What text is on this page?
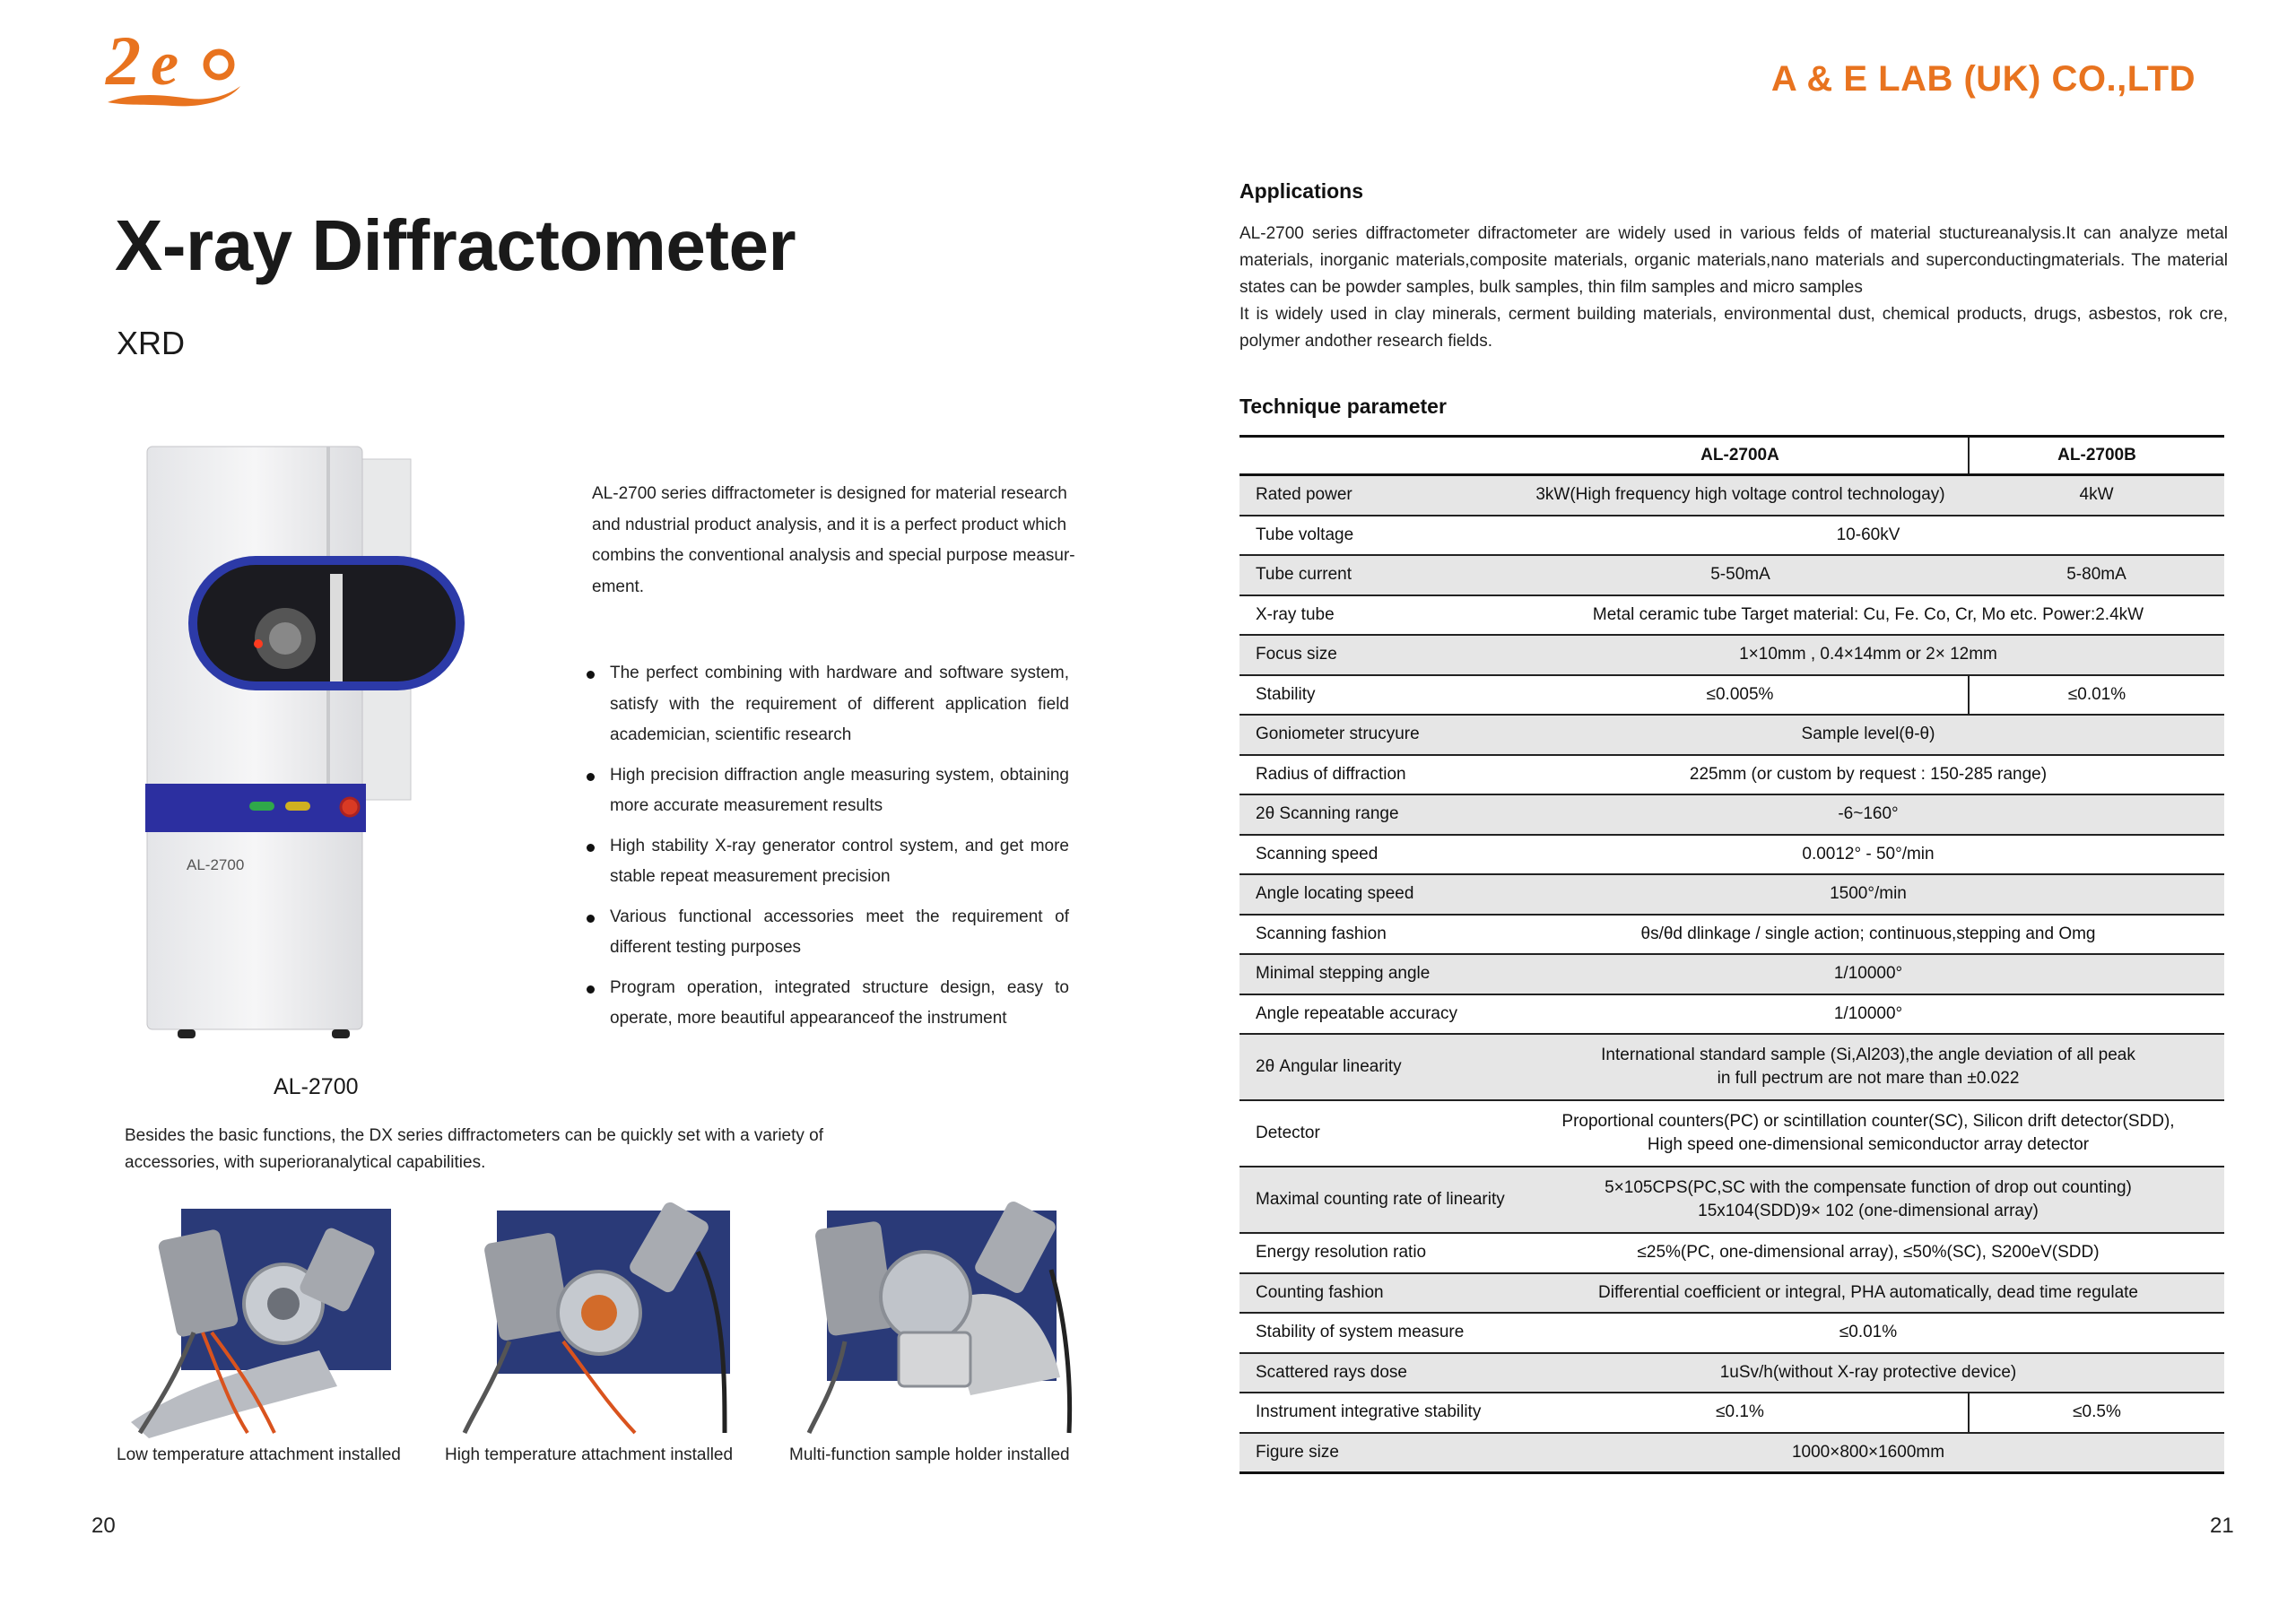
2 e	A & E LAB (UK) CO.,LTD
X-ray Diffractometer
XRD
AL-2700
AL-2700
AL-2700 series diffractometer is designed for material research and ndustrial product analysis, and it is a perfect product which combins the conventional analysis and special purpose measur-ement.
The perfect combining with hardware and software system, satisfy with the requirement of different application field academician, scientific research
High precision diffraction angle measuring system, obtaining more accurate measurement results
High stability X-ray generator control system, and get more stable repeat measurement precision
Various functional accessories meet the requirement of different testing purposes
Program operation, integrated structure design, easy to operate, more beautiful appearanceof the instrument
Besides the basic functions, the DX series diffractometers can be quickly set with a variety of accessories, with superioranalytical capabilities.
Low temperature attachment installed	High temperature attachment installed	Multi-function sample holder installed
20
Applications
AL-2700 series diffractometer difractometer are widely used in various felds of material stuctureanalysis.It can analyze metal materials, inorganic materials,composite materials, organic materials,nano materials and superconductingmaterials. The material states can be powder samples, bulk samples, thin film samples and micro samples
It is widely used in clay minerals, cerment building materials, environmental dust, chemical products, drugs, asbestos, rok cre, polymer andother research fields.
Technique parameter
	AL-2700A	AL-2700B
Rated power	3kW(High frequency high voltage control technologay)	4kW
Tube voltage	10-60kV	
Tube current	5-50mA	5-80mA
X-ray tube	Metal ceramic tube Target material: Cu, Fe. Co, Cr, Mo etc. Power:2.4kW	
Focus size	1×10mm , 0.4×14mm or 2× 12mm	
Stability	≤0.005%	≤0.01%
Goniometer strucyure	Sample level(θ-θ)	
Radius of diffraction	225mm (or custom by request : 150-285 range)	
2θ Scanning range	-6~160°	
Scanning speed	0.0012° - 50°/min	
Angle locating speed	1500°/min	
Scanning fashion	θs/θd dlinkage / single action; continuous,stepping and Omg	
Minimal stepping angle	1/10000°	
Angle repeatable accuracy	1/10000°	
2θ Angular linearity	International standard sample (Si,Al203),the angle deviation of all peak
in full pectrum are not mare than ±0.022	

Detector	Proportional counters(PC) or scintillation counter(SC), Silicon drift detector(SDD),
High speed one-dimensional semiconductor array detector	

Maximal counting rate of linearity	5×105CPS(PC,SC with the compensate function of drop out counting)
15x104(SDD)9× 102 (one-dimensional array)	

Energy resolution ratio	≤25%(PC, one-dimensional array), ≤50%(SC), S200eV(SDD)	
Counting fashion	Differential coefficient or integral, PHA automatically, dead time regulate	
Stability of system measure	≤0.01%	
Scattered rays dose	1uSv/h(without X-ray protective device)	
Instrument integrative stability	≤0.1%	≤0.5%
Figure size	1000×800×1600mm	
21
